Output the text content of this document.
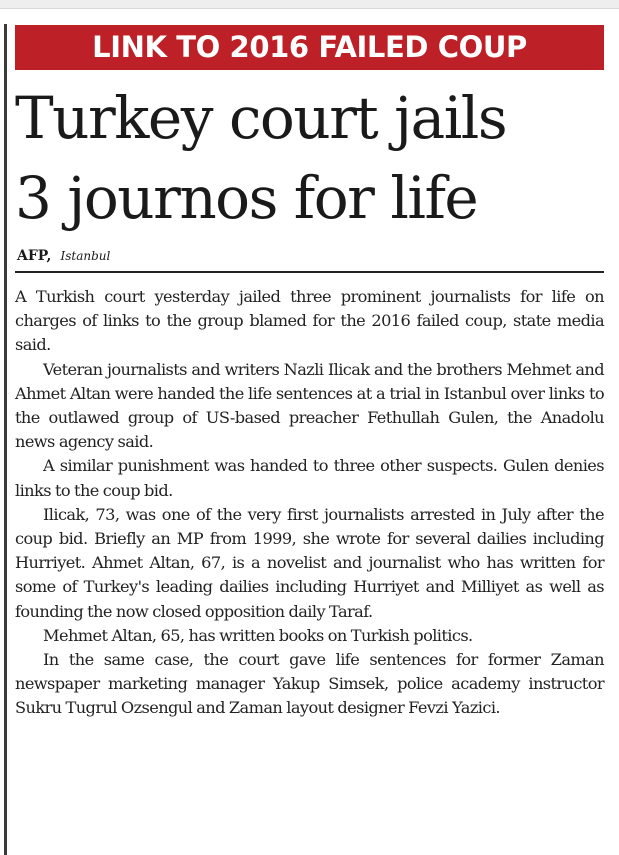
LINK TO 2016 FAILED COUP
Turkey court jails
3 journos for life
AFP, Istanbul

A Turkish court yesterday jailed three prominent journalists for life on charges of links to the group blamed for the 2016 failed coup, state media said.

Veteran journalists and writers Nazli Ilicak and the brothers Mehmet and Ahmet Altan were handed the life sentences at a trial in Istanbul over links to the outlawed group of US-based preacher Fethullah Gulen, the Anadolu news agency said.

A similar punishment was handed to three other suspects. Gulen denies links to the coup bid.

Ilicak, 73, was one of the very first journalists arrested in July after the coup bid. Briefly an MP from 1999, she wrote for several dailies including Hurriyet. Ahmet Altan, 67, is a novelist and journalist who has written for some of Turkey's leading dailies including Hurriyet and Milliyet as well as founding the now closed opposition daily Taraf.

Mehmet Altan, 65, has written books on Turkish politics.

In the same case, the court gave life sentences for former Zaman newspaper marketing manager Yakup Simsek, police academy instructor Sukru Tugrul Ozsengul and Zaman layout designer Fevzi Yazici.
